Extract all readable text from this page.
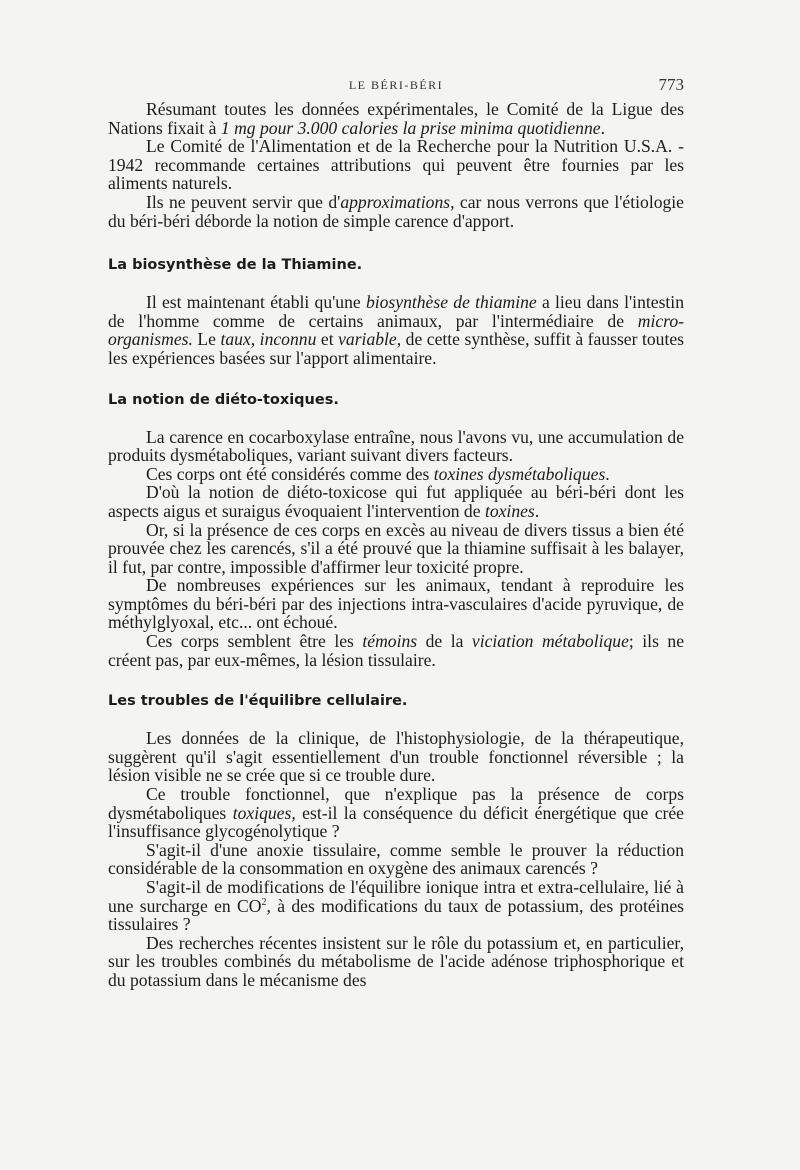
LE BÉRI-BÉRI	773

Résumant toutes les données expérimentales, le Comité de la Ligue des Nations fixait à 1 mg pour 3.000 calories la prise minima quotidienne.

Le Comité de l'Alimentation et de la Recherche pour la Nutrition U.S.A. - 1942 recommande certaines attributions qui peuvent être fournies par les aliments naturels.

Ils ne peuvent servir que d'approximations, car nous verrons que l'étiologie du béri-béri déborde la notion de simple carence d'apport.

La biosynthèse de la Thiamine.

Il est maintenant établi qu'une biosynthèse de thiamine a lieu dans l'intestin de l'homme comme de certains animaux, par l'intermédiaire de micro-organismes. Le taux, inconnu et variable, de cette synthèse, suffit à fausser toutes les expériences basées sur l'apport alimentaire.

La notion de diéto-toxiques.

La carence en cocarboxylase entraîne, nous l'avons vu, une accumulation de produits dysmétaboliques, variant suivant divers facteurs.

Ces corps ont été considérés comme des toxines dysmétaboliques.

D'où la notion de diéto-toxicose qui fut appliquée au béri-béri dont les aspects aigus et suraigus évoquaient l'intervention de toxines.

Or, si la présence de ces corps en excès au niveau de divers tissus a bien été prouvée chez les carencés, s'il a été prouvé que la thiamine suffisait à les balayer, il fut, par contre, impossible d'affirmer leur toxicité propre.

De nombreuses expériences sur les animaux, tendant à reproduire les symptômes du béri-béri par des injections intra-vasculaires d'acide pyruvique, de méthylglyoxal, etc... ont échoué.

Ces corps semblent être les témoins de la viciation métabolique; ils ne créent pas, par eux-mêmes, la lésion tissulaire.

Les troubles de l'équilibre cellulaire.

Les données de la clinique, de l'histophysiologie, de la thérapeutique, suggèrent qu'il s'agit essentiellement d'un trouble fonctionnel réversible ; la lésion visible ne se crée que si ce trouble dure.

Ce trouble fonctionnel, que n'explique pas la présence de corps dysmétaboliques toxiques, est-il la conséquence du déficit énergétique que crée l'insuffisance glycogénolytique ?

S'agit-il d'une anoxie tissulaire, comme semble le prouver la réduction considérable de la consommation en oxygène des animaux carencés ?

S'agit-il de modifications de l'équilibre ionique intra et extra-cellulaire, lié à une surcharge en $CO^2$, à des modifications du taux de potassium, des protéines tissulaires ?

Des recherches récentes insistent sur le rôle du potassium et, en particulier, sur les troubles combinés du métabolisme de l'acide adénose triphosphorique et du potassium dans le mécanisme des
